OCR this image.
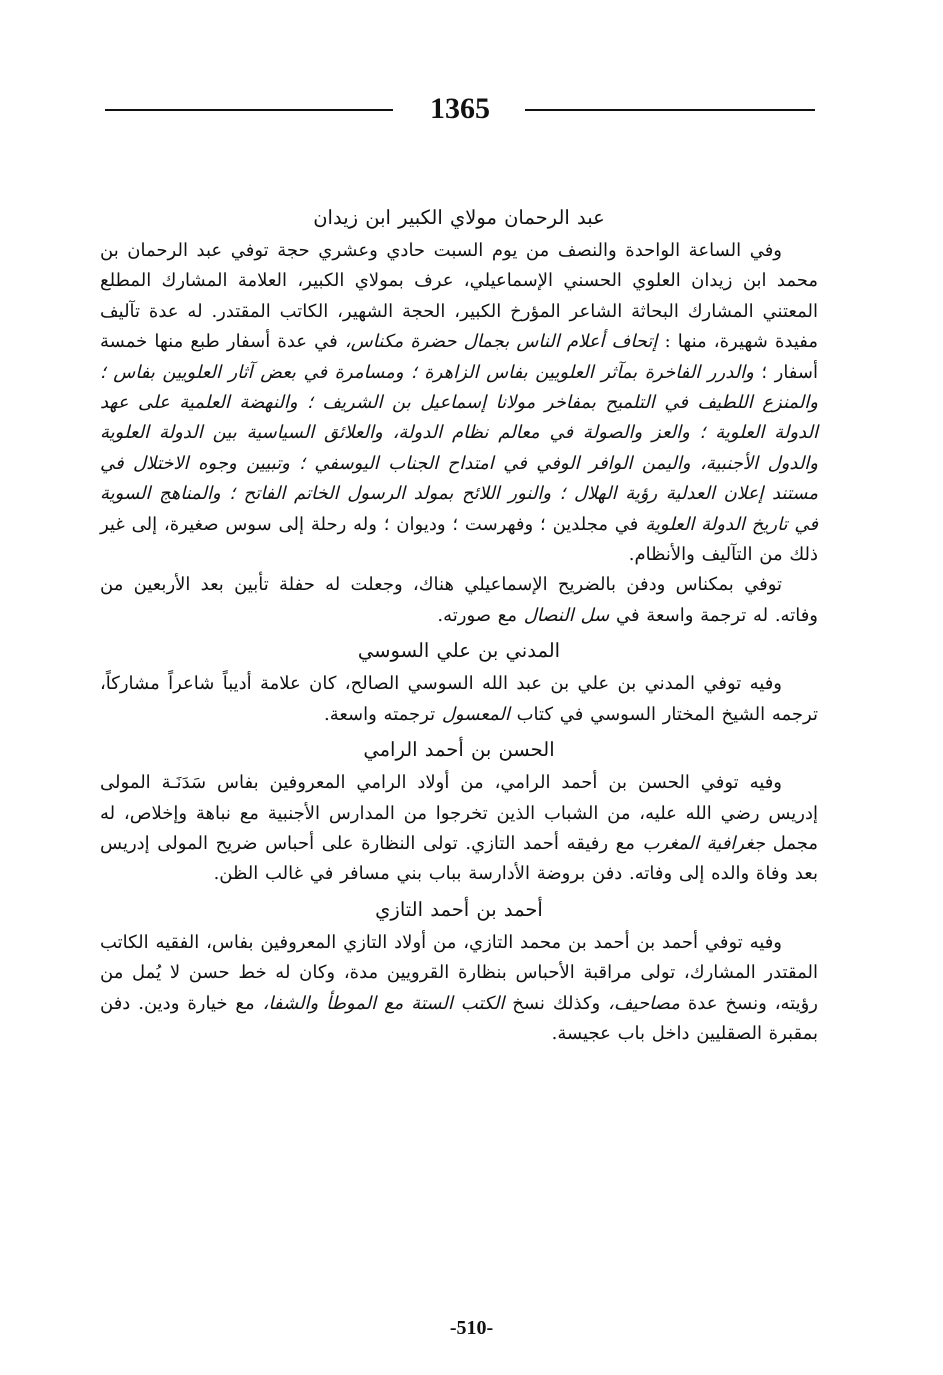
1365
عبد الرحمان مولاي الكبير ابن زيدان

وفي الساعة الواحدة والنصف من يوم السبت حادي وعشري حجة توفي عبد الرحمان بن محمد ابن زيدان العلوي الحسني الإسماعيلي، عرف بمولاي الكبير، العلامة المشارك المطلع المعتني المشارك البحاثة الشاعر المؤرخ الكبير، الحجة الشهير، الكاتب المقتدر. له عدة تآليف مفيدة شهيرة، منها : إتحاف أعلام الناس بجمال حضرة مكناس، في عدة أسفار طبع منها خمسة أسفار ؛ والدرر الفاخرة بمآثر العلويين بفاس الزاهرة ؛ ومسامرة في بعض آثار العلويين بفاس ؛ والمنزع اللطيف في التلميح بمفاخر مولانا إسماعيل بن الشريف ؛ والنهضة العلمية على عهد الدولة العلوية ؛ والعز والصولة في معالم نظام الدولة، والعلائق السياسية بين الدولة العلوية والدول الأجنبية، واليمن الوافر الوفي في امتداح الجناب اليوسفي ؛ وتبيين وجوه الاختلال في مستند إعلان العدلية رؤية الهلال ؛ والنور اللائح بمولد الرسول الخاتم الفاتح ؛ والمناهج السوية في تاريخ الدولة العلوية في مجلدين ؛ وفهرست ؛ وديوان ؛ وله رحلة إلى سوس صغيرة، إلى غير ذلك من التآليف والأنظام.

توفي بمكناس ودفن بالضريح الإسماعيلي هناك، وجعلت له حفلة تأبين بعد الأربعين من وفاته. له ترجمة واسعة في سل النصال مع صورته.

المدني بن علي السوسي

وفيه توفي المدني بن علي بن عبد الله السوسي الصالح، كان علامة أديباً شاعراً مشاركاً، ترجمه الشيخ المختار السوسي في كتاب المعسول ترجمته واسعة.

الحسن بن أحمد الرامي

وفيه توفي الحسن بن أحمد الرامي، من أولاد الرامي المعروفين بفاس سَدَنَـة المولى إدريس رضي الله عليه، من الشباب الذين تخرجوا من المدارس الأجنبية مع نباهة وإخلاص، له مجمل جغرافية المغرب مع رفيقه أحمد التازي. تولى النظارة على أحباس ضريح المولى إدريس بعد وفاة والده إلى وفاته. دفن بروضة الأدارسة بباب بني مسافر في غالب الظن.

أحمد بن أحمد التازي

وفيه توفي أحمد بن أحمد بن محمد التازي، من أولاد التازي المعروفين بفاس، الفقيه الكاتب المقتدر المشارك، تولى مراقبة الأحباس بنظارة القرويين مدة، وكان له خط حسن لا يُمل من رؤيته، ونسخ عدة مصاحيف، وكذلك نسخ الكتب الستة مع الموطأ والشفا، مع خيارة ودين. دفن بمقبرة الصقليين داخل باب عجيسة.

-510-
